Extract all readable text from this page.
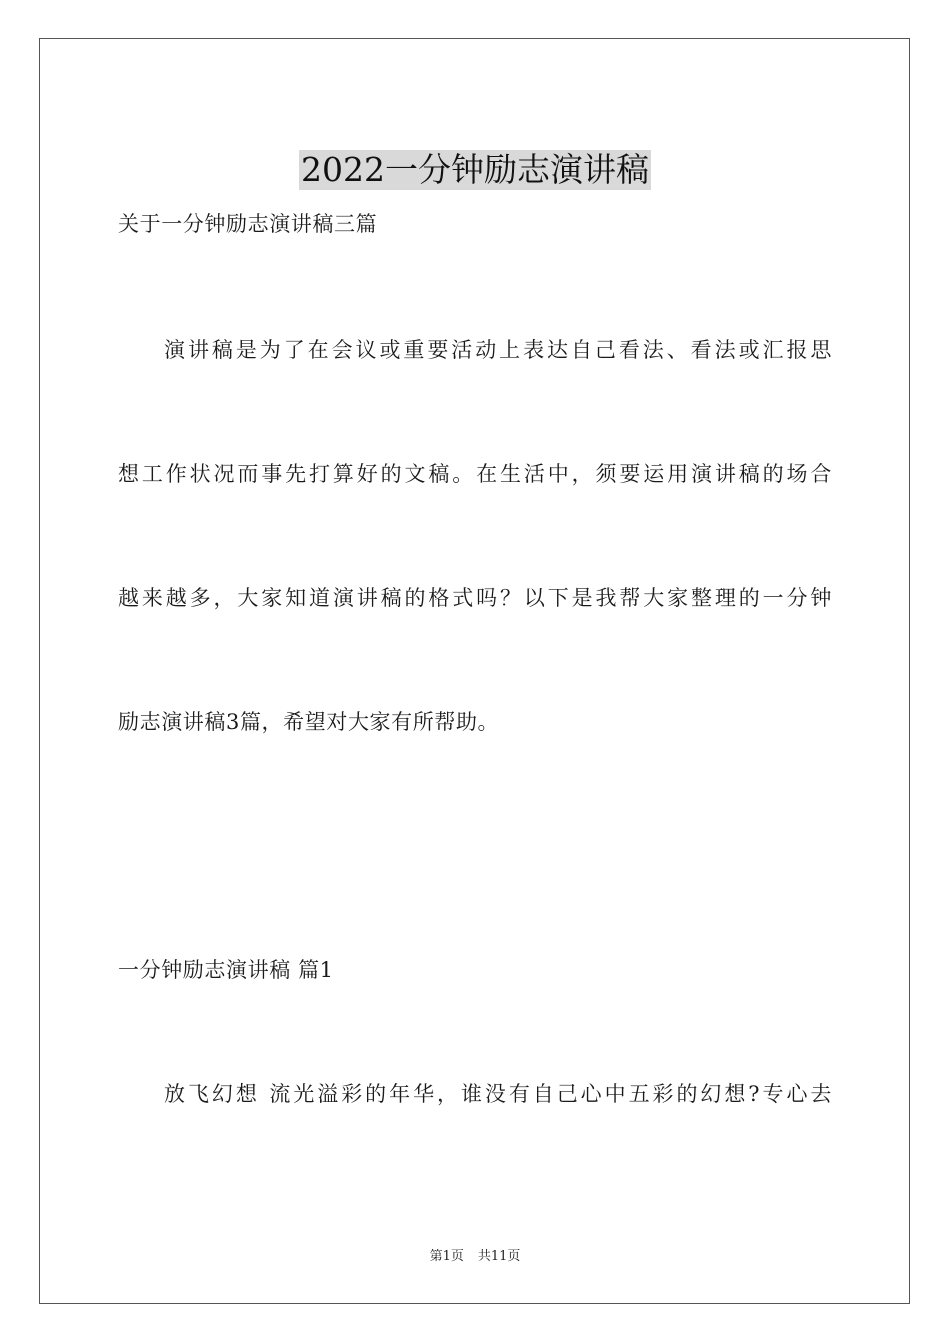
2022一分钟励志演讲稿
关于一分钟励志演讲稿三篇
演讲稿是为了在会议或重要活动上表达自己看法、看法或汇报思
想工作状况而事先打算好的文稿。在生活中，须要运用演讲稿的场合
越来越多，大家知道演讲稿的格式吗？以下是我帮大家整理的一分钟
励志演讲稿3篇，希望对大家有所帮助。
一分钟励志演讲稿 篇1
放飞幻想 流光溢彩的年华，谁没有自己心中五彩的幻想?专心去
第1页 共11页
